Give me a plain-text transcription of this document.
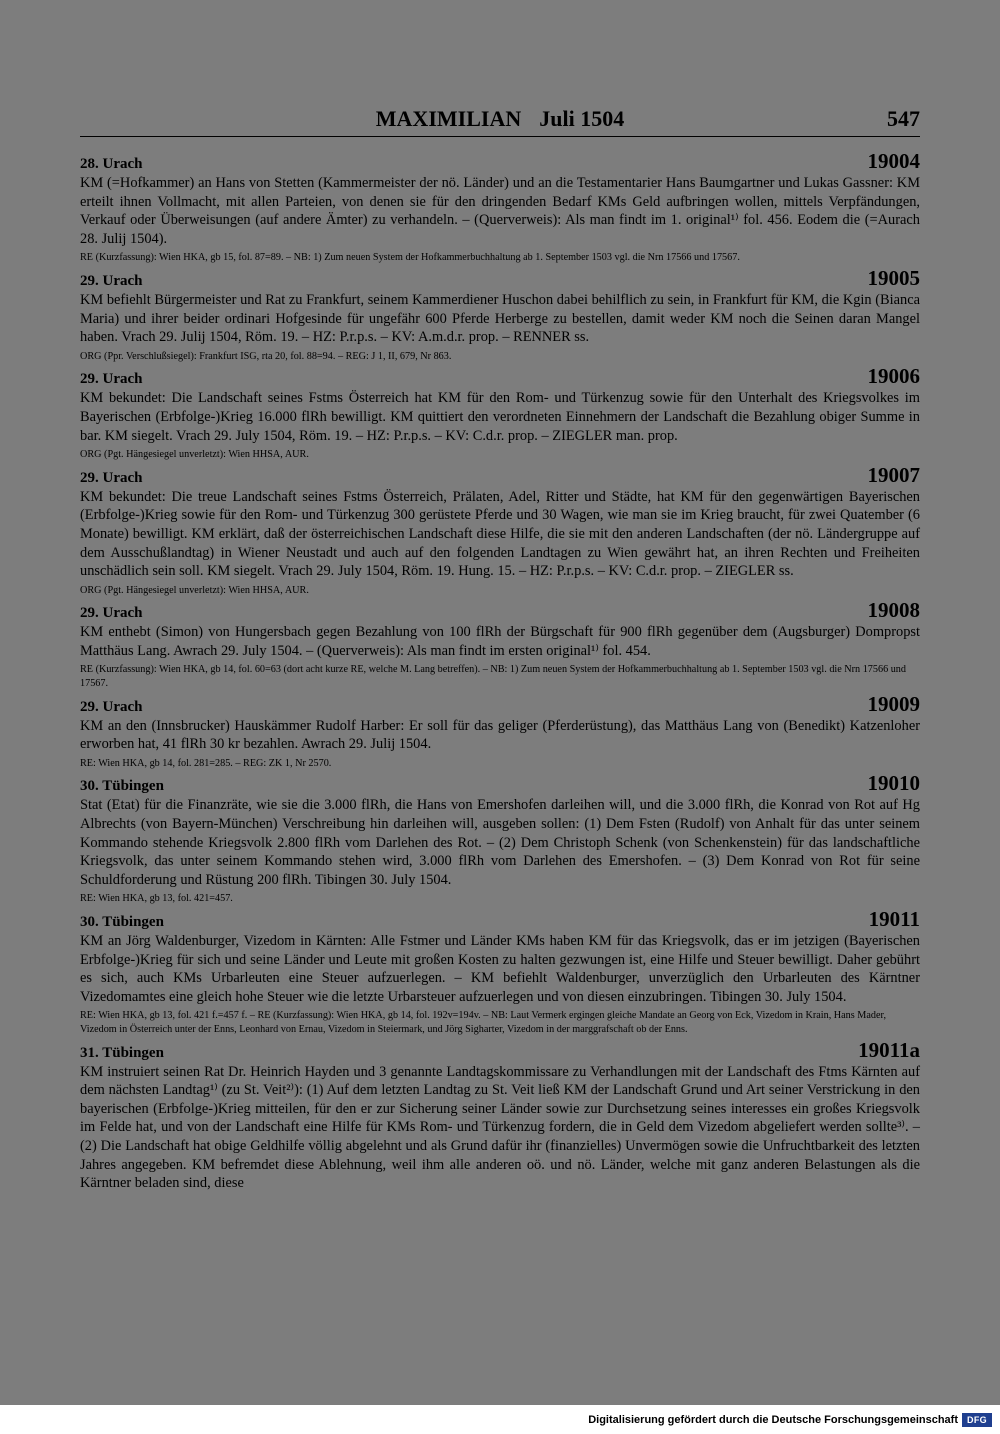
MAXIMILIAN Juli 1504	547
28. Urach	19004
KM (=Hofkammer) an Hans von Stetten (Kammermeister der nö. Länder) und an die Testamentarier Hans Baumgartner und Lukas Gassner: KM erteilt ihnen Vollmacht, mit allen Parteien, von denen sie für den dringenden Bedarf KMs Geld aufbringen wollen, mittels Verpfändungen, Verkauf oder Überweisungen (auf andere Ämter) zu verhandeln. – (Querverweis): Als man findt im 1. original¹⁾ fol. 456. Eodem die (=Aurach 28. Julij 1504).
RE (Kurzfassung): Wien HKA, gb 15, fol. 87=89. – NB: 1) Zum neuen System der Hofkammerbuchhaltung ab 1. September 1503 vgl. die Nrn 17566 und 17567.
29. Urach	19005
KM befiehlt Bürgermeister und Rat zu Frankfurt, seinem Kammerdiener Huschon dabei behilflich zu sein, in Frankfurt für KM, die Kgin (Bianca Maria) und ihrer beider ordinari Hofgesinde für ungefähr 600 Pferde Herberge zu bestellen, damit weder KM noch die Seinen daran Mangel haben. Vrach 29. Julij 1504, Röm. 19. – HZ: P.r.p.s. – KV: A.m.d.r. prop. – RENNER ss.
ORG (Ppr. Verschlußsiegel): Frankfurt ISG, rta 20, fol. 88=94. – REG: J 1, II, 679, Nr 863.
29. Urach	19006
KM bekundet: Die Landschaft seines Fstms Österreich hat KM für den Rom- und Türkenzug sowie für den Unterhalt des Kriegsvolkes im Bayerischen (Erbfolge-)Krieg 16.000 flRh bewilligt. KM quittiert den verordneten Einnehmern der Landschaft die Bezahlung obiger Summe in bar. KM siegelt. Vrach 29. July 1504, Röm. 19. – HZ: P.r.p.s. – KV: C.d.r. prop. – ZIEGLER man. prop.
ORG (Pgt. Hängesiegel unverletzt): Wien HHSA, AUR.
29. Urach	19007
KM bekundet: Die treue Landschaft seines Fstms Österreich, Prälaten, Adel, Ritter und Städte, hat KM für den gegenwärtigen Bayerischen (Erbfolge-)Krieg sowie für den Rom- und Türkenzug 300 gerüstete Pferde und 30 Wagen, wie man sie im Krieg braucht, für zwei Quatember (6 Monate) bewilligt. KM erklärt, daß der österreichischen Landschaft diese Hilfe, die sie mit den anderen Landschaften (der nö. Ländergruppe auf dem Ausschußlandtag) in Wiener Neustadt und auch auf den folgenden Landtagen zu Wien gewährt hat, an ihren Rechten und Freiheiten unschädlich sein soll. KM siegelt. Vrach 29. July 1504, Röm. 19. Hung. 15. – HZ: P.r.p.s. – KV: C.d.r. prop. – ZIEGLER ss.
ORG (Pgt. Hängesiegel unverletzt): Wien HHSA, AUR.
29. Urach	19008
KM enthebt (Simon) von Hungersbach gegen Bezahlung von 100 flRh der Bürgschaft für 900 flRh gegenüber dem (Augsburger) Dompropst Matthäus Lang. Awrach 29. July 1504. – (Querverweis): Als man findt im ersten original¹⁾ fol. 454.
RE (Kurzfassung): Wien HKA, gb 14, fol. 60=63 (dort acht kurze RE, welche M. Lang betreffen). – NB: 1) Zum neuen System der Hofkammerbuchhaltung ab 1. September 1503 vgl. die Nrn 17566 und 17567.
29. Urach	19009
KM an den (Innsbrucker) Hauskämmer Rudolf Harber: Er soll für das geliger (Pferderüstung), das Matthäus Lang von (Benedikt) Katzenloher erworben hat, 41 flRh 30 kr bezahlen. Awrach 29. Julij 1504.
RE: Wien HKA, gb 14, fol. 281=285. – REG: ZK 1, Nr 2570.
30. Tübingen	19010
Stat (Etat) für die Finanzräte, wie sie die 3.000 flRh, die Hans von Emershofen darleihen will, und die 3.000 flRh, die Konrad von Rot auf Hg Albrechts (von Bayern-München) Verschreibung hin darleihen will, ausgeben sollen: (1) Dem Fsten (Rudolf) von Anhalt für das unter seinem Kommando stehende Kriegsvolk 2.800 flRh vom Darlehen des Rot. – (2) Dem Christoph Schenk (von Schenkenstein) für das landschaftliche Kriegsvolk, das unter seinem Kommando stehen wird, 3.000 flRh vom Darlehen des Emershofen. – (3) Dem Konrad von Rot für seine Schuldforderung und Rüstung 200 flRh. Tibingen 30. July 1504.
RE: Wien HKA, gb 13, fol. 421=457.
30. Tübingen	19011
KM an Jörg Waldenburger, Vizedom in Kärnten: Alle Fstmer und Länder KMs haben KM für das Kriegsvolk, das er im jetzigen (Bayerischen Erbfolge-)Krieg für sich und seine Länder und Leute mit großen Kosten zu halten gezwungen ist, eine Hilfe und Steuer bewilligt. Daher gebührt es sich, auch KMs Urbarleuten eine Steuer aufzuerlegen. – KM befiehlt Waldenburger, unverzüglich den Urbarleuten des Kärntner Vizedomamtes eine gleich hohe Steuer wie die letzte Urbarsteuer aufzuerlegen und von diesen einzubringen. Tibingen 30. July 1504.
RE: Wien HKA, gb 13, fol. 421 f.=457 f. – RE (Kurzfassung): Wien HKA, gb 14, fol. 192v=194v. – NB: Laut Vermerk ergingen gleiche Mandate an Georg von Eck, Vizedom in Krain, Hans Mader, Vizedom in Österreich unter der Enns, Leonhard von Ernau, Vizedom in Steiermark, und Jörg Sigharter, Vizedom in der marggrafschaft ob der Enns.
31. Tübingen	19011a
KM instruiert seinen Rat Dr. Heinrich Hayden und 3 genannte Landtagskommissare zu Verhandlungen mit der Landschaft des Ftms Kärnten auf dem nächsten Landtag¹⁾ (zu St. Veit²⁾): (1) Auf dem letzten Landtag zu St. Veit ließ KM der Landschaft Grund und Art seiner Verstrickung in den bayerischen (Erbfolge-)Krieg mitteilen, für den er zur Sicherung seiner Länder sowie zur Durchsetzung seines interesses ein großes Kriegsvolk im Felde hat, und von der Landschaft eine Hilfe für KMs Rom- und Türkenzug fordern, die in Geld dem Vizedom abgeliefert werden sollte³⁾. – (2) Die Landschaft hat obige Geldhilfe völlig abgelehnt und als Grund dafür ihr (finanzielles) Unvermögen sowie die Unfruchtbarkeit des letzten Jahres angegeben. KM befremdet diese Ablehnung, weil ihm alle anderen oö. und nö. Länder, welche mit ganz anderen Belastungen als die Kärntner beladen sind, diese
Digitalisierung gefördert durch die Deutsche Forschungsgemeinschaft	DFG
